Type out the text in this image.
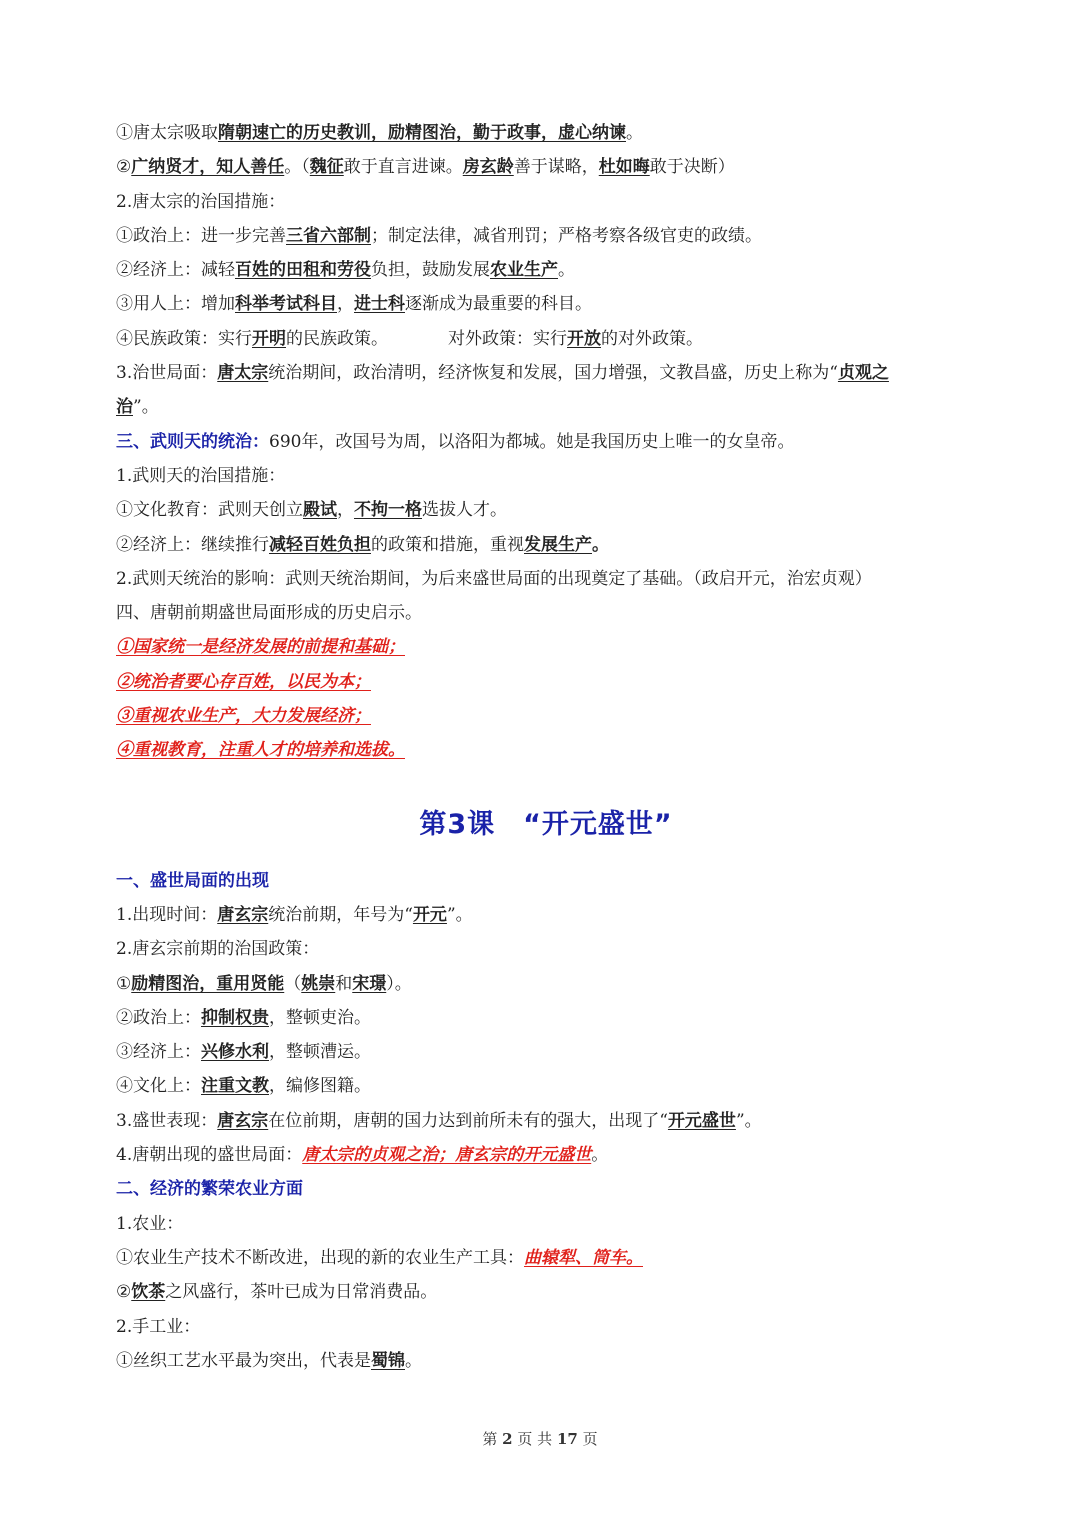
①唐太宗吸取隋朝速亡的历史教训，励精图治，勤于政事，虚心纳谏。
②广纳贤才，知人善任。（魏征敢于直言进谏。房玄龄善于谋略，杜如晦敢于决断）
2.唐太宗的治国措施：
①政治上：进一步完善三省六部制；制定法律，减省刑罚；严格考察各级官吏的政绩。
②经济上：减轻百姓的田租和劳役负担，鼓励发展农业生产。
③用人上：增加科举考试科目，进士科逐渐成为最重要的科目。
④民族政策：实行开明的民族政策。	对外政策：实行开放的对外政策。
3.治世局面：唐太宗统治期间，政治清明，经济恢复和发展，国力增强，文教昌盛，历史上称为“贞观之
治”。
三、武则天的统治：690年，改国号为周，以洛阳为都城。她是我国历史上唯一的女皇帝。
1.武则天的治国措施：
①文化教育：武则天创立殿试，不拘一格选拔人才。
②经济上：继续推行减轻百姓负担的政策和措施，重视发展生产。
2.武则天统治的影响：武则天统治期间，为后来盛世局面的出现奠定了基础。（政启开元，治宏贞观）
四、唐朝前期盛世局面形成的历史启示。
①国家统一是经济发展的前提和基础；
②统治者要心存百姓，以民为本；
③重视农业生产，大力发展经济；
④重视教育，注重人才的培养和选拔。
第3课　“开元盛世”
一、盛世局面的出现
1.出现时间：唐玄宗统治前期，年号为“开元”。
2.唐玄宗前期的治国政策：
①励精图治，重用贤能（姚崇和宋璟）。
②政治上：抑制权贵，整顿吏治。
③经济上：兴修水利，整顿漕运。
④文化上：注重文教，编修图籍。
3.盛世表现：唐玄宗在位前期，唐朝的国力达到前所未有的强大，出现了“开元盛世”。
4.唐朝出现的盛世局面：唐太宗的贞观之治；唐玄宗的开元盛世。
二、经济的繁荣农业方面
1.农业：
①农业生产技术不断改进，出现的新的农业生产工具：曲辕犁、筒车。
②饮茶之风盛行，茶叶已成为日常消费品。
2.手工业：
①丝织工艺水平最为突出，代表是蜀锦。
第 2 页 共 17 页
